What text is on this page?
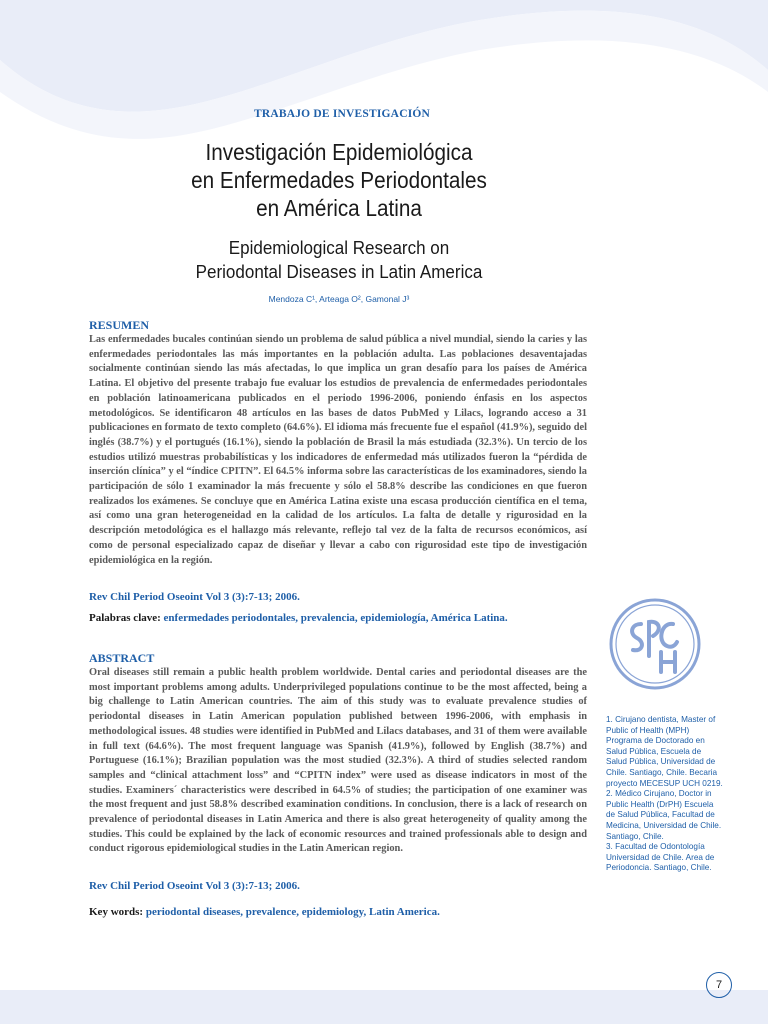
TRABAJO DE INVESTIGACIÓN
Investigación Epidemiológica
en Enfermedades Periodontales
en América Latina
Epidemiological Research on
Periodontal Diseases in Latin America
Mendoza C¹, Arteaga O², Gamonal J³
RESUMEN
Las enfermedades bucales continúan siendo un problema de salud pública a nivel mundial, siendo la caries y las enfermedades periodontales las más importantes en la población adulta. Las poblaciones desaventajadas socialmente continúan siendo las más afectadas, lo que implica un gran desafío para los países de América Latina. El objetivo del presente trabajo fue evaluar los estudios de prevalencia de enfermedades periodontales en población latinoamericana publicados en el periodo 1996-2006, poniendo énfasis en los aspectos metodológicos. Se identificaron 48 artículos en las bases de datos PubMed y Lilacs, logrando acceso a 31 publicaciones en formato de texto completo (64.6%). El idioma más frecuente fue el español (41.9%), seguido del inglés (38.7%) y el portugués (16.1%), siendo la población de Brasil la más estudiada (32.3%). Un tercio de los estudios utilizó muestras probabilísticas y los indicadores de enfermedad más utilizados fueron la “pérdida de inserción clínica” y el “índice CPITN”. El 64.5% informa sobre las características de los examinadores, siendo la participación de sólo 1 examinador la más frecuente y sólo el 58.8% describe las condiciones en que fueron realizados los exámenes. Se concluye que en América Latina existe una escasa producción científica en el tema, así como una gran heterogeneidad en la calidad de los artículos. La falta de detalle y rigurosidad en la descripción metodológica es el hallazgo más relevante, reflejo tal vez de la falta de recursos económicos, así como de personal especializado capaz de diseñar y llevar a cabo con rigurosidad este tipo de investigación epidemiológica en la región.
Rev Chil Period Oseoint Vol 3 (3):7-13; 2006.
Palabras clave: enfermedades periodontales, prevalencia, epidemiología, América Latina.
ABSTRACT
Oral diseases still remain a public health problem worldwide. Dental caries and periodontal diseases are the most important problems among adults. Underprivileged populations continue to be the most affected, being a big challenge to Latin American countries. The aim of this study was to evaluate prevalence studies of periodontal diseases in Latin American population published between 1996-2006, with emphasis in methodological issues. 48 studies were identified in PubMed and Lilacs databases, and 31 of them were available in full text (64.6%). The most frequent language was Spanish (41.9%), followed by English (38.7%) and Portuguese (16.1%); Brazilian population was the most studied (32.3%). A third of studies selected random samples and “clinical attachment loss” and “CPITN index” were used as disease indicators in most of the studies. Examiners´ characteristics were described in 64.5% of studies; the participation of one examiner was the most frequent and just 58.8% described examination conditions. In conclusion, there is a lack of research on prevalence of periodontal diseases in Latin America and there is also great heterogeneity of quality among the studies. This could be explained by the lack of economic resources and trained professionals able to design and conduct rigorous epidemiological studies in the Latin American region.
Rev Chil Period Oseoint Vol 3 (3):7-13; 2006.
Key words: periodontal diseases, prevalence, epidemiology, Latin America.

1. Cirujano dentista, Master of Public of Health (MPH) Programa de Doctorado en Salud Pública, Escuela de Salud Pública, Universidad de Chile. Santiago, Chile. Becaria proyecto MECESUP UCH 0219.

2. Médico Cirujano, Doctor in Public Health (DrPH) Escuela de Salud Pública, Facultad de Medicina, Universidad de Chile. Santiago, Chile.

3. Facultad de Odontología Universidad de Chile. Area de Periodoncia. Santiago, Chile.

7
